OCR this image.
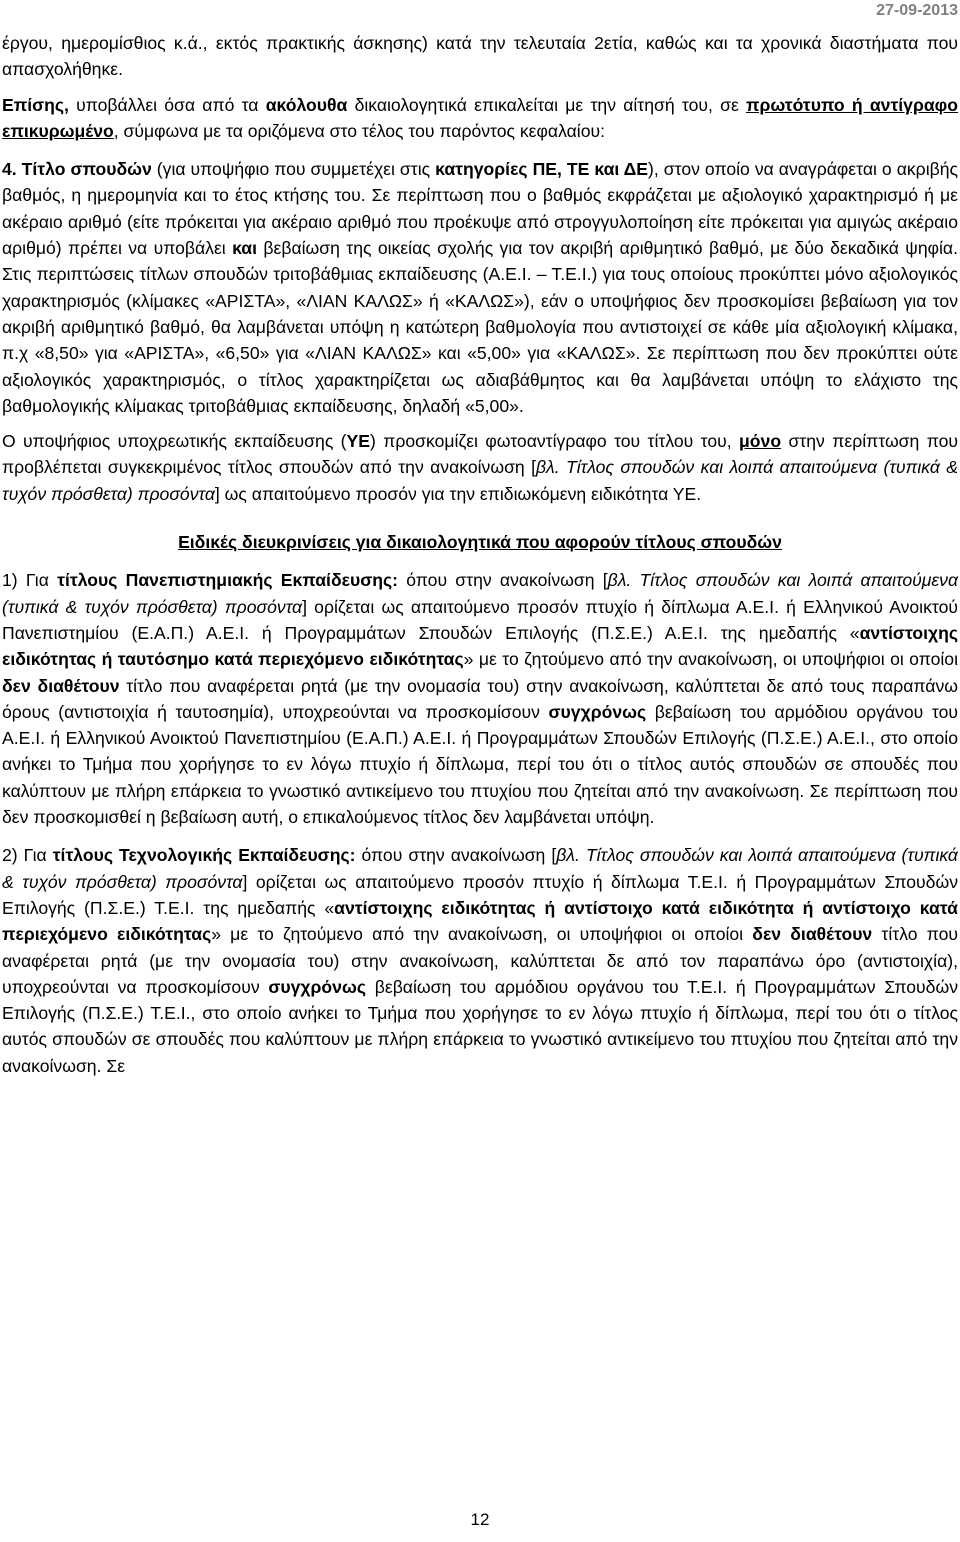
27-09-2013

έργου, ημερομίσθιος κ.ά., εκτός πρακτικής άσκησης) κατά την τελευταία 2ετία, καθώς και τα χρονικά διαστήματα που απασχολήθηκε.

Επίσης, υποβάλλει όσα από τα ακόλουθα δικαιολογητικά επικαλείται με την αίτησή του, σε πρωτότυπο ή αντίγραφο επικυρωμένο, σύμφωνα με τα οριζόμενα στο τέλος του παρόντος κεφαλαίου:

4. Τίτλο σπουδών (για υποψήφιο που συμμετέχει στις κατηγορίες ΠΕ, ΤΕ και ΔΕ), στον οποίο να αναγράφεται ο ακριβής βαθμός, η ημερομηνία και το έτος κτήσης του. Σε περίπτωση που ο βαθμός εκφράζεται με αξιολογικό χαρακτηρισμό ή με ακέραιο αριθμό (είτε πρόκειται για ακέραιο αριθμό που προέκυψε από στρογγυλοποίηση είτε πρόκειται για αμιγώς ακέραιο αριθμό) πρέπει να υποβάλει και βεβαίωση της οικείας σχολής για τον ακριβή αριθμητικό βαθμό, με δύο δεκαδικά ψηφία. Στις περιπτώσεις τίτλων σπουδών τριτοβάθμιας εκπαίδευσης (Α.Ε.Ι. – Τ.Ε.Ι.) για τους οποίους προκύπτει μόνο αξιολογικός χαρακτηρισμός (κλίμακες «ΑΡΙΣΤΑ», «ΛΙΑΝ ΚΑΛΩΣ» ή «ΚΑΛΩΣ»), εάν ο υποψήφιος δεν προσκομίσει βεβαίωση για τον ακριβή αριθμητικό βαθμό, θα λαμβάνεται υπόψη η κατώτερη βαθμολογία που αντιστοιχεί σε κάθε μία αξιολογική κλίμακα, π.χ «8,50» για «ΑΡΙΣΤΑ», «6,50» για «ΛΙΑΝ ΚΑΛΩΣ» και «5,00» για «ΚΑΛΩΣ». Σε περίπτωση που δεν προκύπτει ούτε αξιολογικός χαρακτηρισμός, ο τίτλος χαρακτηρίζεται ως αδιαβάθμητος και θα λαμβάνεται υπόψη το ελάχιστο της βαθμολογικής κλίμακας τριτοβάθμιας εκπαίδευσης, δηλαδή «5,00».

Ο υποψήφιος υποχρεωτικής εκπαίδευσης (ΥΕ) προσκομίζει φωτοαντίγραφο του τίτλου του, μόνο στην περίπτωση που προβλέπεται συγκεκριμένος τίτλος σπουδών από την ανακοίνωση [βλ. Τίτλος σπουδών και λοιπά απαιτούμενα (τυπικά & τυχόν πρόσθετα) προσόντα] ως απαιτούμενο προσόν για την επιδιωκόμενη ειδικότητα ΥΕ.

Ειδικές διευκρινίσεις για δικαιολογητικά που αφορούν τίτλους σπουδών

1) Για τίτλους Πανεπιστημιακής Εκπαίδευσης: όπου στην ανακοίνωση [βλ. Τίτλος σπουδών και λοιπά απαιτούμενα (τυπικά & τυχόν πρόσθετα) προσόντα] ορίζεται ως απαιτούμενο προσόν πτυχίο ή δίπλωμα Α.Ε.Ι. ή Ελληνικού Ανοικτού Πανεπιστημίου (Ε.Α.Π.) Α.Ε.Ι. ή Προγραμμάτων Σπουδών Επιλογής (Π.Σ.Ε.) Α.Ε.Ι. της ημεδαπής «αντίστοιχης ειδικότητας ή ταυτόσημο κατά περιεχόμενο ειδικότητας» με το ζητούμενο από την ανακοίνωση, οι υποψήφιοι οι οποίοι δεν διαθέτουν τίτλο που αναφέρεται ρητά (με την ονομασία του) στην ανακοίνωση, καλύπτεται δε από τους παραπάνω όρους (αντιστοιχία ή ταυτοσημία), υποχρεούνται να προσκομίσουν συγχρόνως βεβαίωση του αρμόδιου οργάνου του Α.Ε.Ι. ή Ελληνικού Ανοικτού Πανεπιστημίου (Ε.Α.Π.) Α.Ε.Ι. ή Προγραμμάτων Σπουδών Επιλογής (Π.Σ.Ε.) Α.Ε.Ι., στο οποίο ανήκει το Τμήμα που χορήγησε το εν λόγω πτυχίο ή δίπλωμα, περί του ότι ο τίτλος αυτός σπουδών σε σπουδές που καλύπτουν με πλήρη επάρκεια το γνωστικό αντικείμενο του πτυχίου που ζητείται από την ανακοίνωση. Σε περίπτωση που δεν προσκομισθεί η βεβαίωση αυτή, ο επικαλούμενος τίτλος δεν λαμβάνεται υπόψη.

2) Για τίτλους Τεχνολογικής Εκπαίδευσης: όπου στην ανακοίνωση [βλ. Τίτλος σπουδών και λοιπά απαιτούμενα (τυπικά & τυχόν πρόσθετα) προσόντα] ορίζεται ως απαιτούμενο προσόν πτυχίο ή δίπλωμα Τ.Ε.Ι. ή Προγραμμάτων Σπουδών Επιλογής (Π.Σ.Ε.) Τ.Ε.Ι. της ημεδαπής «αντίστοιχης ειδικότητας ή αντίστοιχο κατά ειδικότητα ή αντίστοιχο κατά περιεχόμενο ειδικότητας» με το ζητούμενο από την ανακοίνωση, οι υποψήφιοι οι οποίοι δεν διαθέτουν τίτλο που αναφέρεται ρητά (με την ονομασία του) στην ανακοίνωση, καλύπτεται δε από τον παραπάνω όρο (αντιστοιχία), υποχρεούνται να προσκομίσουν συγχρόνως βεβαίωση του αρμόδιου οργάνου του Τ.Ε.Ι. ή Προγραμμάτων Σπουδών Επιλογής (Π.Σ.Ε.) Τ.Ε.Ι., στο οποίο ανήκει το Τμήμα που χορήγησε το εν λόγω πτυχίο ή δίπλωμα, περί του ότι ο τίτλος αυτός σπουδών σε σπουδές που καλύπτουν με πλήρη επάρκεια το γνωστικό αντικείμενο του πτυχίου που ζητείται από την ανακοίνωση. Σε

12
